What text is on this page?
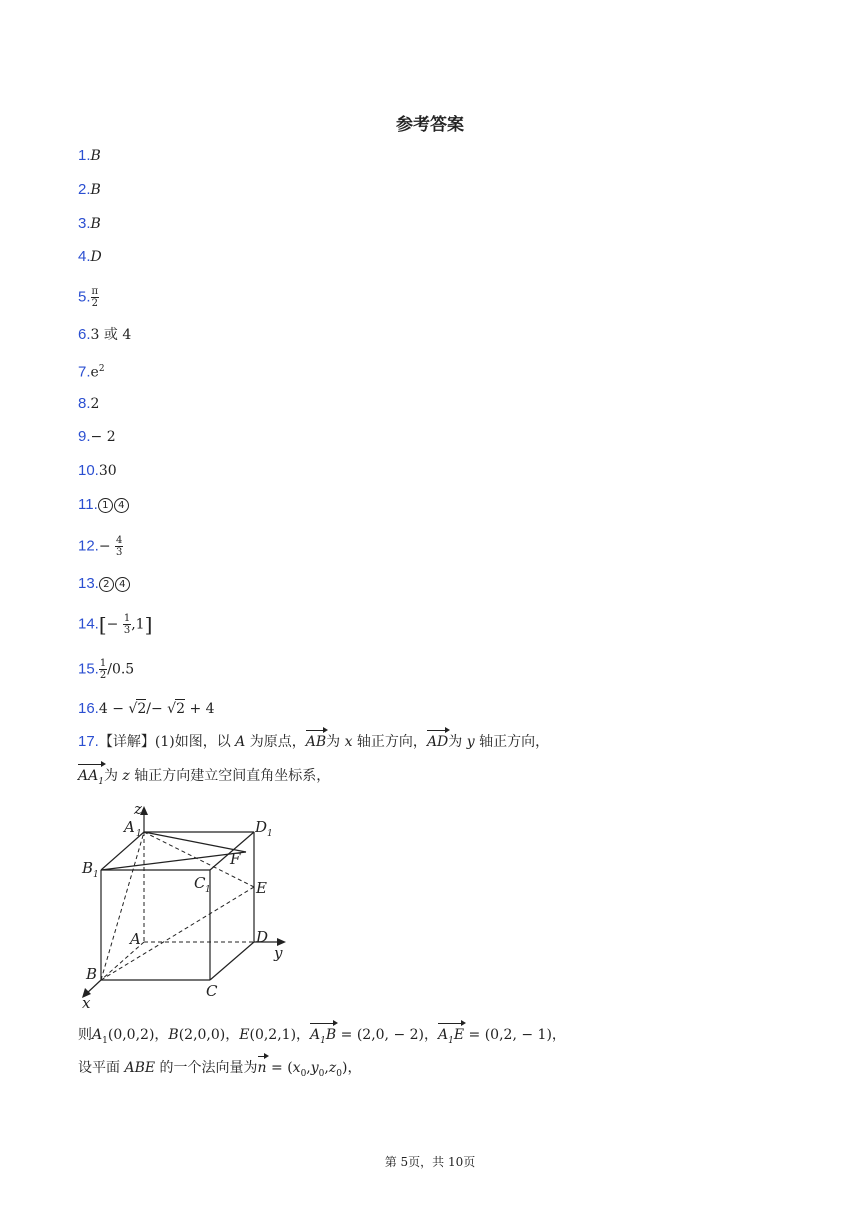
参考答案
1.B
2.B
3.B
4.D
5. $\frac{\pi}{2}$
6.3 或 4
$7.e^2$
8.2
9.− 2
10.30
11. 1 4
$12.- \frac{4}{3}$
13. 2 4
$14.[- \frac{1}{3} ,1]$
15. $\frac{1}{2} /0.5$
16.4 − √2/− √2 + 4
17.【详解】(1)如图，以 A 为原点，AB为 x 轴正方向，AD为 y 轴正方向，
$AA_1$为 z 轴正方向建立空间直角坐标系，
z
A 1	D 1
B 1
F
C 1	E
A	D
y
B
x
C
则$A_1(0,0,2)$，B(2,0,0)，E(0,2,1)，$A_1B = (2,0$, − 2)，$A_1E = (0,2$, − 1)，
设平面 ABE 的一个法向量为$n = (x_0,y_0,z_0)$，
第 5页，共 10页
